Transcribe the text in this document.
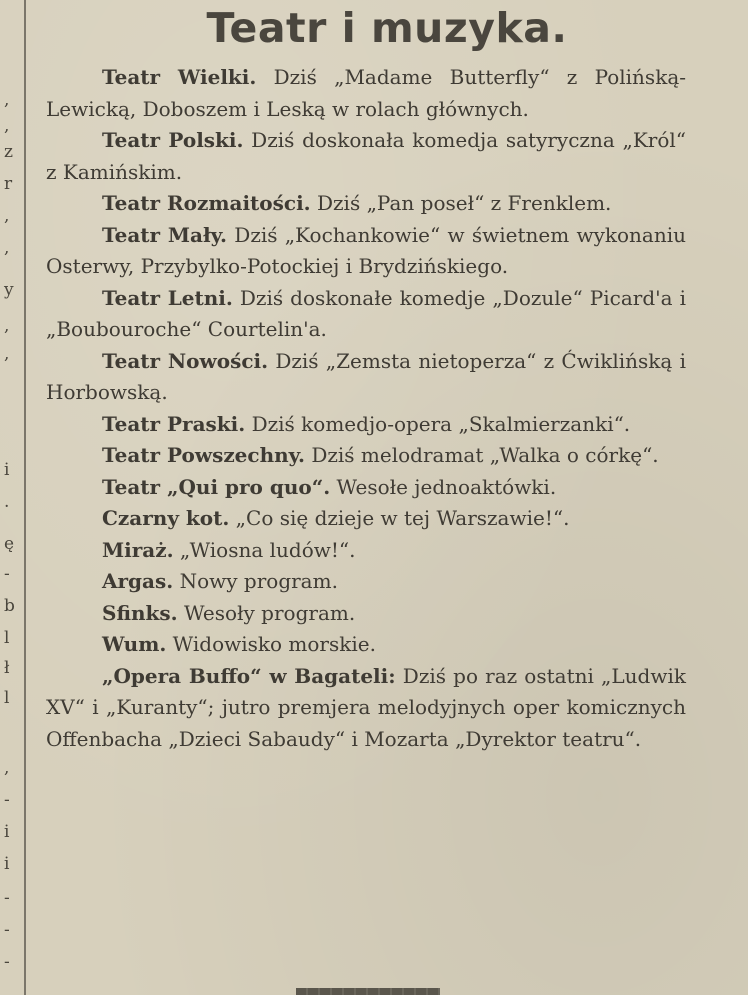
,
,
z
r
,
,
y
,
,
i
.
ę
-
b
l
ł
l
,
-
i
i
-
-
-
Teatr i muzyka.

Teatr Wielki. Dziś „Madame Butterfly“ z Polińską-Lewicką, Doboszem i Leską w rolach głównych.

Teatr Polski. Dziś doskonała komedja satyryczna „Król“ z Kamińskim.

Teatr Rozmaitości. Dziś „Pan poseł“ z Frenklem.

Teatr Mały. Dziś „Kochankowie“ w świetnem wykonaniu Osterwy, Przybylko-Potockiej i Brydzińskiego.

Teatr Letni. Dziś doskonałe komedje „Dozule“ Picard'a i „Boubouroche“ Courtelin'a.

Teatr Nowości. Dziś „Zemsta nietoperza“ z Ćwiklińską i Horbowską.

Teatr Praski. Dziś komedjo-opera „Skalmierzanki“.

Teatr Powszechny. Dziś melodramat „Walka o córkę“.

Teatr „Qui pro quo“. Wesołe jednoaktówki.

Czarny kot. „Co się dzieje w tej Warszawie!“.

Miraż. „Wiosna ludów!“.

Argas. Nowy program.

Sfinks. Wesoły program.

Wum. Widowisko morskie.

„Opera Buffo“ w Bagateli: Dziś po raz ostatni „Ludwik XV“ i „Kuranty“; jutro premjera melodyjnych oper komicznych Offenbacha „Dzieci Sabaudy“ i Mozarta „Dyrektor teatru“.
